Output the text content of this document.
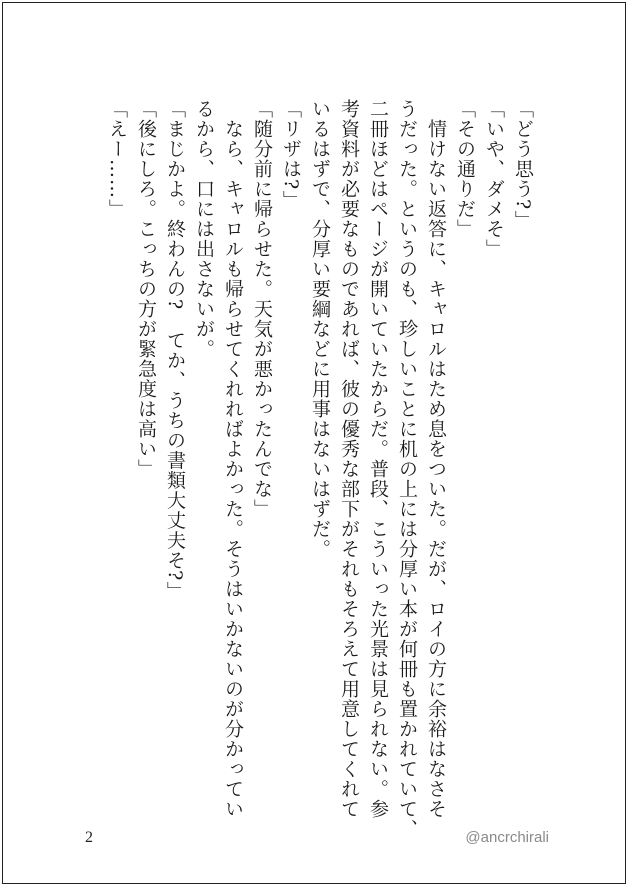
「どう思う?」
「いや、ダメそ」
「その通りだ」
　情けない返答に、キャロルはため息をついた。だが、ロイの方に余裕はなさそ
うだった。というのも、珍しいことに机の上には分厚い本が何冊も置かれていて、
二冊ほどはページが開いていたからだ。普段、こういった光景は見られない。参
考資料が必要なものであれば、彼の優秀な部下がそれもそろえて用意してくれて
いるはずで、分厚い要綱などに用事はないはずだ。
「リザは?」
「随分前に帰らせた。天気が悪かったんでな」
　なら、キャロルも帰らせてくれればよかった。そうはいかないのが分かってい
るから、口には出さないが。
「まじかよ。終わんの?　てか、うちの書類大丈夫そ?」
「後にしろ。こっちの方が緊急度は高い」
「えー……」
2	@ancrchirali
